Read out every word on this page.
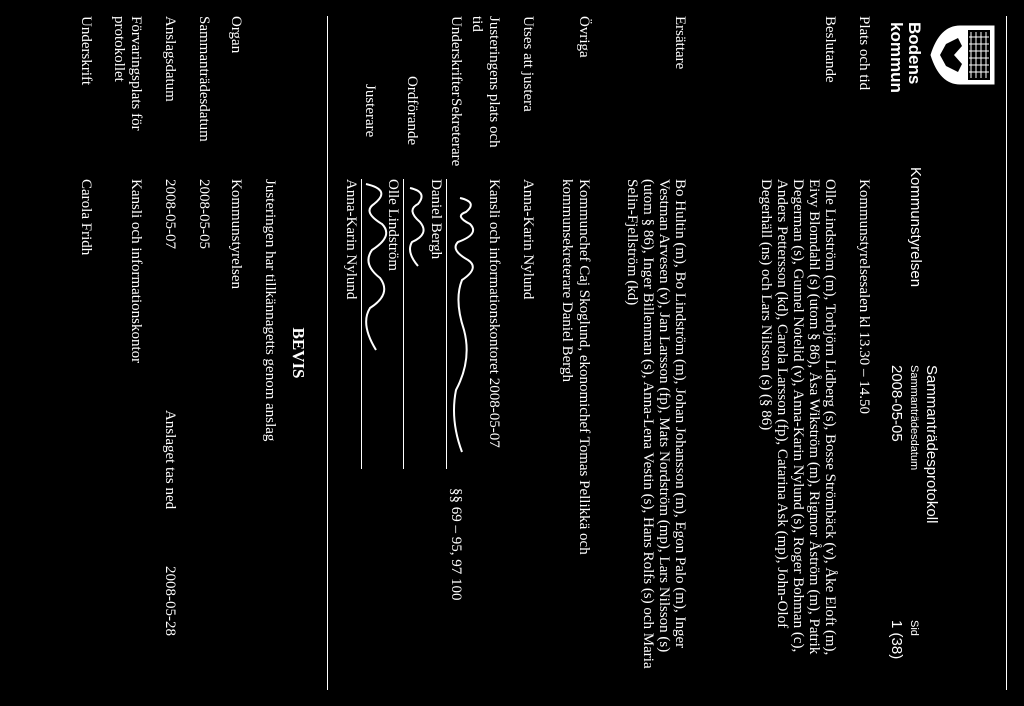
Bodens
kommun
Kommunstyrelsen
Sammanträdesprotokoll
Sammanträdesdatum
2008-05-05
Sid
1 (38)
Plats och tid
Kommunstyrelsesalen kl 13.30 – 14.50
Beslutande
Olle Lindström (m), Torbjörn Lidberg (s), Bosse Strömbäck (v), Åke Eloft (m), Eivy Blomdahl (s) (utom § 86), Åsa Wikström (m), Rigmor Åström (m), Patrik Degerman (s), Gunnel Notelid (v), Anna-Karin Nylund (s), Roger Bohman (c), Anders Pettersson (kd), Carola Larsson (fp), Catarina Ask (mp), John-Olof Degerhäll (ns) och Lars Nilsson (s) (§ 86)
Ersättare
Bo Hultin (m), Bo Lindström (m), Johan Johansson (m), Egon Palo (m), Inger Vestman Arvesen (v), Jan Larsson (fp), Mats Nordström (mp), Lars Nilsson (s) (utom § 86), Inger Billenman (s), Anna-Lena Vestin (s), Hans Rolfs (s) och Maria Selin-Fjellström (kd)
Övriga
Kommunchef Caj Skoglund, ekonomichef Tomas Pellikkä och kommunsekreterare Daniel Bergh
Utses att justera
Anna-Karin Nylund
Justeringens plats och tid
Kansli och informationskontoret 2008-05-07
Underskrifter
Sekreterare
§§ 69 – 95, 97 100
Daniel Bergh
Ordförande
Olle Lindström
Justerare
Anna-Karin Nylund
BEVIS
Justeringen har tillkännagetts genom anslag
Organ
Kommunstyrelsen
Sammanträdesdatum
2008-05-05
Anslagsdatum
2008-05-07
Anslaget tas ned
2008-05-28
Förvaringsplats för protokollet
Kansli och informationskontor
Underskrift
Carola Fridh
